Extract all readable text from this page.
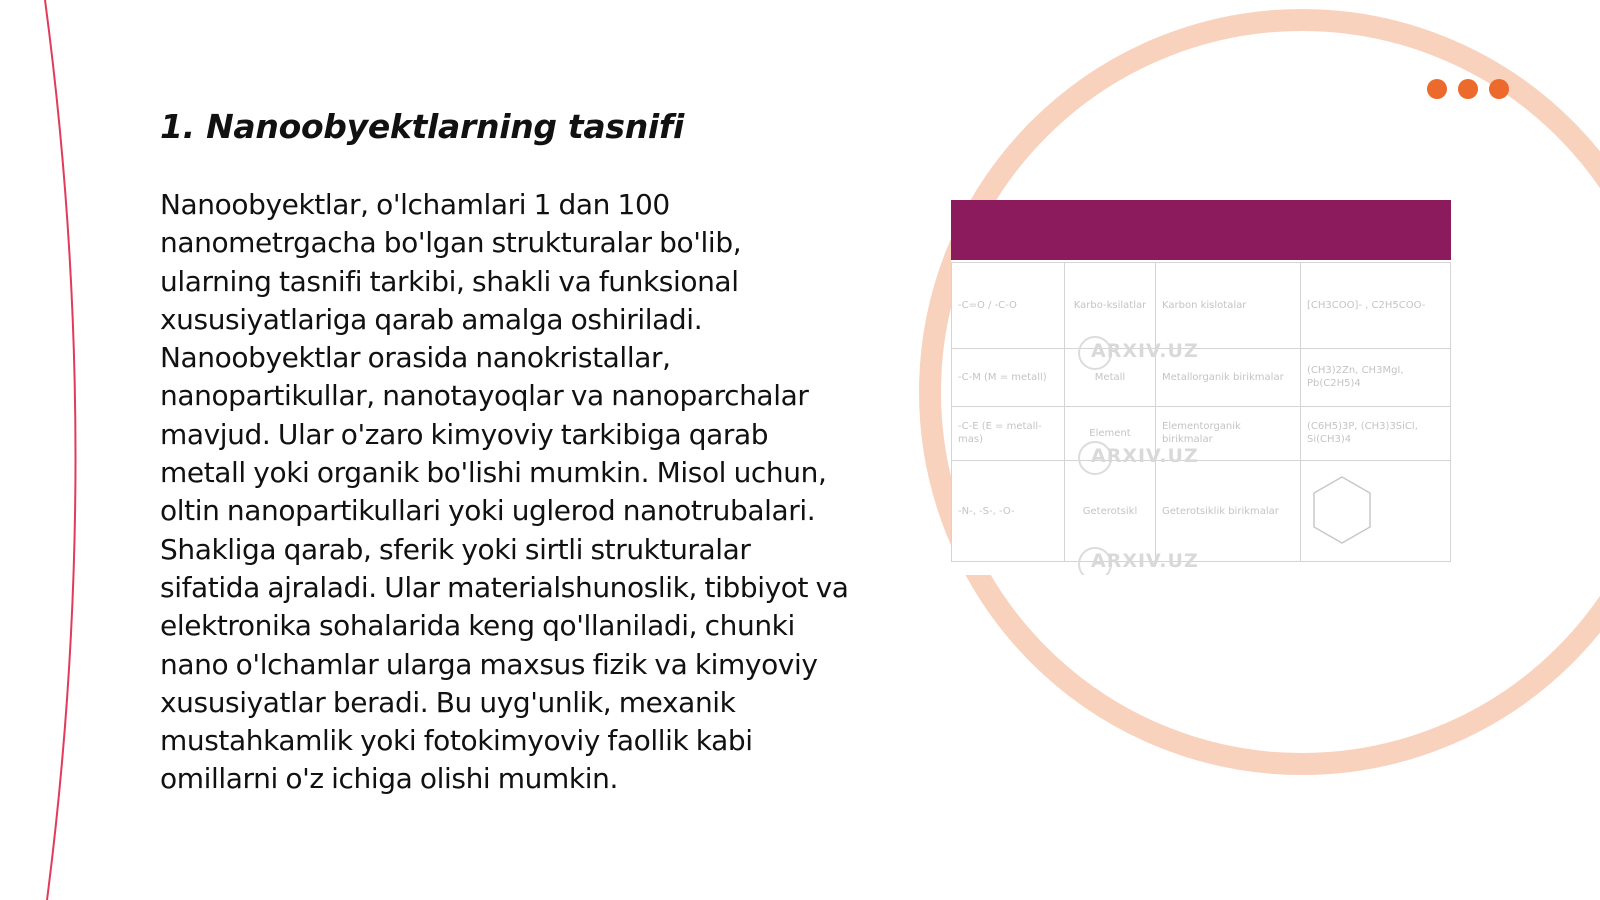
1. Nanoobyektlarning tasnifi

Nanoobyektlar, o'lchamlari 1 dan 100 nanometrgacha bo'lgan strukturalar bo'lib, ularning tasnifi tarkibi, shakli va funksional xususiyatlariga qarab amalga oshiriladi. Nanoobyektlar orasida nanokristallar, nanopartikullar, nanotayoqlar va nanoparchalar mavjud. Ular o'zaro kimyoviy tarkibiga qarab metall yoki organik bo'lishi mumkin. Misol uchun, oltin nanopartikullari yoki uglerod nanotrubalari. Shakliga qarab, sferik yoki sirtli strukturalar sifatida ajraladi. Ular materialshunoslik, tibbiyot va elektronika sohalarida keng qo'llaniladi, chunki nano o'lchamlar ularga maxsus fizik va kimyoviy xususiyatlar beradi. Bu uyg'unlik, mexanik mustahkamlik yoki fotokimyoviy faollik kabi omillarni o'z ichiga olishi mumkin.

-C=O / -C-O	Karbo-ksilatlar	Karbon kislotalar	[CH3COO]- , C2H5COO-
-C-M (M = metall)	Metall	Metallorganik birikmalar	(CH3)2Zn, CH3MgI, Pb(C2H5)4
-C-E (E = metall-mas)	Element	Elementorganik birikmalar	(C6H5)3P, (CH3)3SiCl, Si(CH3)4
-N-, -S-, -O-	Geterotsikl	Geterotsiklik birikmalar	
ARXIV.UZ
ARXIV.UZ
ARXIV.UZ
